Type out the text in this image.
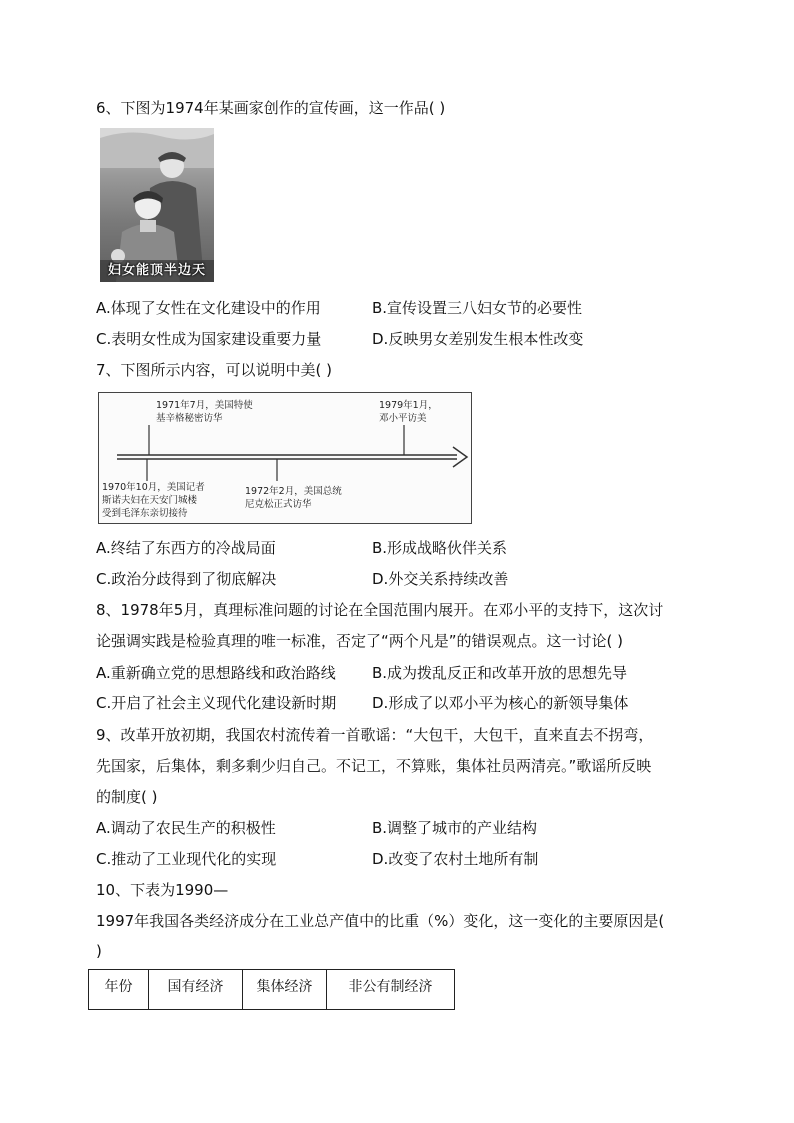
6、下图为1974年某画家创作的宣传画，这一作品( )
妇女能顶半边天
A.体现了女性在文化建设中的作用	B.宣传设置三八妇女节的必要性
C.表明女性成为国家建设重要力量	D.反映男女差别发生根本性改变
7、下图所示内容，可以说明中美( )
1971年7月，美国特使
基辛格秘密访华
1979年1月，
邓小平访美
1970年10月，美国记者
斯诺夫妇在天安门城楼
受到毛泽东亲切接待
1972年2月，美国总统
尼克松正式访华
A.终结了东西方的冷战局面	B.形成战略伙伴关系
C.政治分歧得到了彻底解决	D.外交关系持续改善
8、1978年5月，真理标准问题的讨论在全国范围内展开。在邓小平的支持下，这次讨
论强调实践是检验真理的唯一标准，否定了“两个凡是”的错误观点。这一讨论( )
A.重新确立党的思想路线和政治路线 B.成为拨乱反正和改革开放的思想先导
C.开启了社会主义现代化建设新时期 D.形成了以邓小平为核心的新领导集体
9、改革开放初期，我国农村流传着一首歌谣：“大包干，大包干，直来直去不拐弯，
先国家，后集体，剩多剩少归自己。不记工，不算账，集体社员两清亮。”歌谣所反映
的制度( )
A.调动了农民生产的积极性	B.调整了城市的产业结构
C.推动了工业现代化的实现	D.改变了农村土地所有制
10、下表为1990—
1997年我国各类经济成分在工业总产值中的比重（%）变化，这一变化的主要原因是(
)
年份	国有经济	集体经济	非公有制经济
